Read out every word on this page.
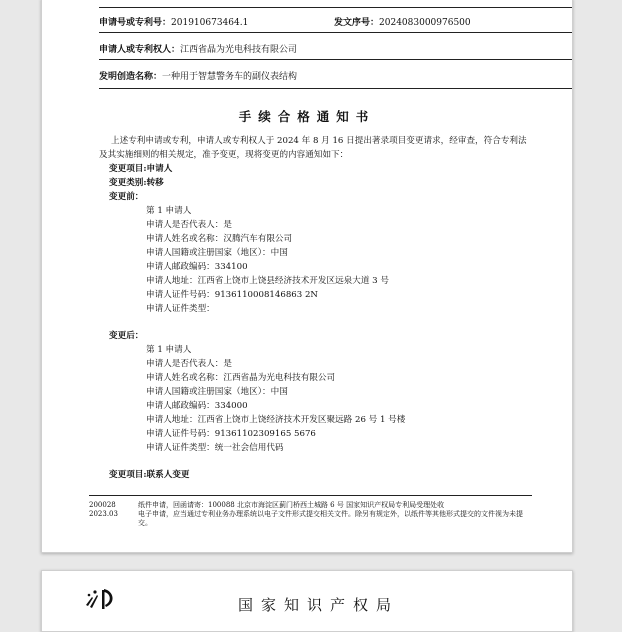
申请号或专利号：201910673464.1	发文序号：2024083000976500
申请人或专利权人：江西省晶为光电科技有限公司
发明创造名称：一种用于智慧警务车的副仪表结构
手续合格通知书
上述专利申请或专利，申请人或专利权人于 2024 年 8 月 16 日提出著录项目变更请求，经审查，符合专利法及其实施细则的相关规定，准予变更，现将变更的内容通知如下：
变更项目:申请人
变更类别:转移
变更前：
第 1 申请人
申请人是否代表人：是
申请人姓名或名称：汉腾汽车有限公司
申请人国籍或注册国家（地区）：中国
申请人邮政编码：334100
申请人地址：江西省上饶市上饶县经济技术开发区远泉大道 3 号
申请人证件号码：9136110008146863 2N
申请人证件类型：
变更后：
第 1 申请人
申请人是否代表人：是
申请人姓名或名称：江西省晶为光电科技有限公司
申请人国籍或注册国家（地区）：中国
申请人邮政编码：334000
申请人地址：江西省上饶市上饶经济技术开发区聚远路 26 号 1 号楼
申请人证件号码：91361102309165 5676
申请人证件类型：统一社会信用代码
变更项目:联系人变更
200028
2023.03
纸件申请，回函请寄：100088 北京市海淀区蓟门桥西土城路 6 号 国家知识产权局专利局受理处收
电子申请，应当通过专利业务办理系统以电子文件形式提交相关文件。除另有规定外，以纸件等其他形式提交的文件视为未提交。
国家知识产权局
